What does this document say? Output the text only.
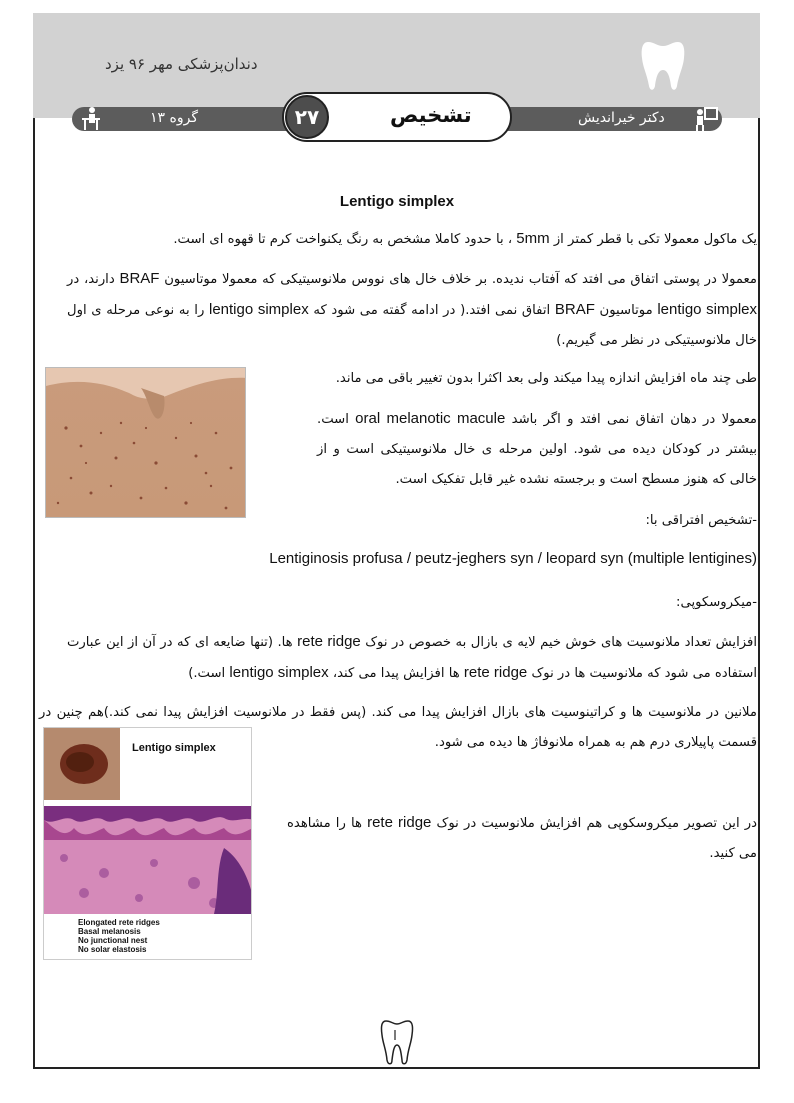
دندان‌پزشکی مهر ۹۶ یزد
گروه ۱۳	دکتر خیراندیش
۲۷	تشخیص
Lentigo simplex
یک ماکول معمولا تکی با قطر کمتر از 5mm ، با حدود کاملا مشخص به رنگ یکنواخت کرم تا قهوه ای است.
معمولا در پوستی اتفاق می افتد که آفتاب ندیده. بر خلاف خال های نووس ملانوسیتیکی که معمولا موتاسیون BRAF دارند، در lentigo simplex موتاسیون BRAF اتفاق نمی افتد.( در ادامه گفته می شود که lentigo simplex را به نوعی مرحله ی اول خال ملانوسیتیکی در نظر می گیریم.)
طی چند ماه افزایش اندازه پیدا میکند ولی بعد اکثرا بدون تغییر باقی می ماند.
معمولا در دهان اتفاق نمی افتد و اگر باشد oral melanotic macule است. بیشتر در کودکان دیده می شود. اولین مرحله ی خال ملانوسیتیکی است و از خالی که هنوز مسطح است و برجسته نشده غیر قابل تفکیک است.
-تشخیص افتراقی با:
Lentiginosis profusa / peutz-jeghers syn / leopard syn (multiple lentigines)
-میکروسکوپی:
افزایش تعداد ملانوسیت های خوش خیم لایه ی بازال به خصوص در نوک rete ridge ها. (تنها ضایعه ای که در آن از این عبارت استفاده می شود که ملانوسیت ها در نوک rete ridge ها افزایش پیدا می کند، lentigo simplex است.)
ملانین در ملانوسیت ها و کراتینوسیت های بازال افزایش پیدا می کند. (پس فقط در ملانوسیت افزایش پیدا نمی کند.)هم چنین در قسمت پاپیلاری درم هم به همراه ملانوفاژ ها دیده می شود.
Lentigo simplex
Elongated rete ridges
Basal melanosis
No junctional nest
No solar elastosis
در این تصویر میکروسکوپی هم افزایش ملانوسیت در نوک rete ridge ها را مشاهده می کنید.
